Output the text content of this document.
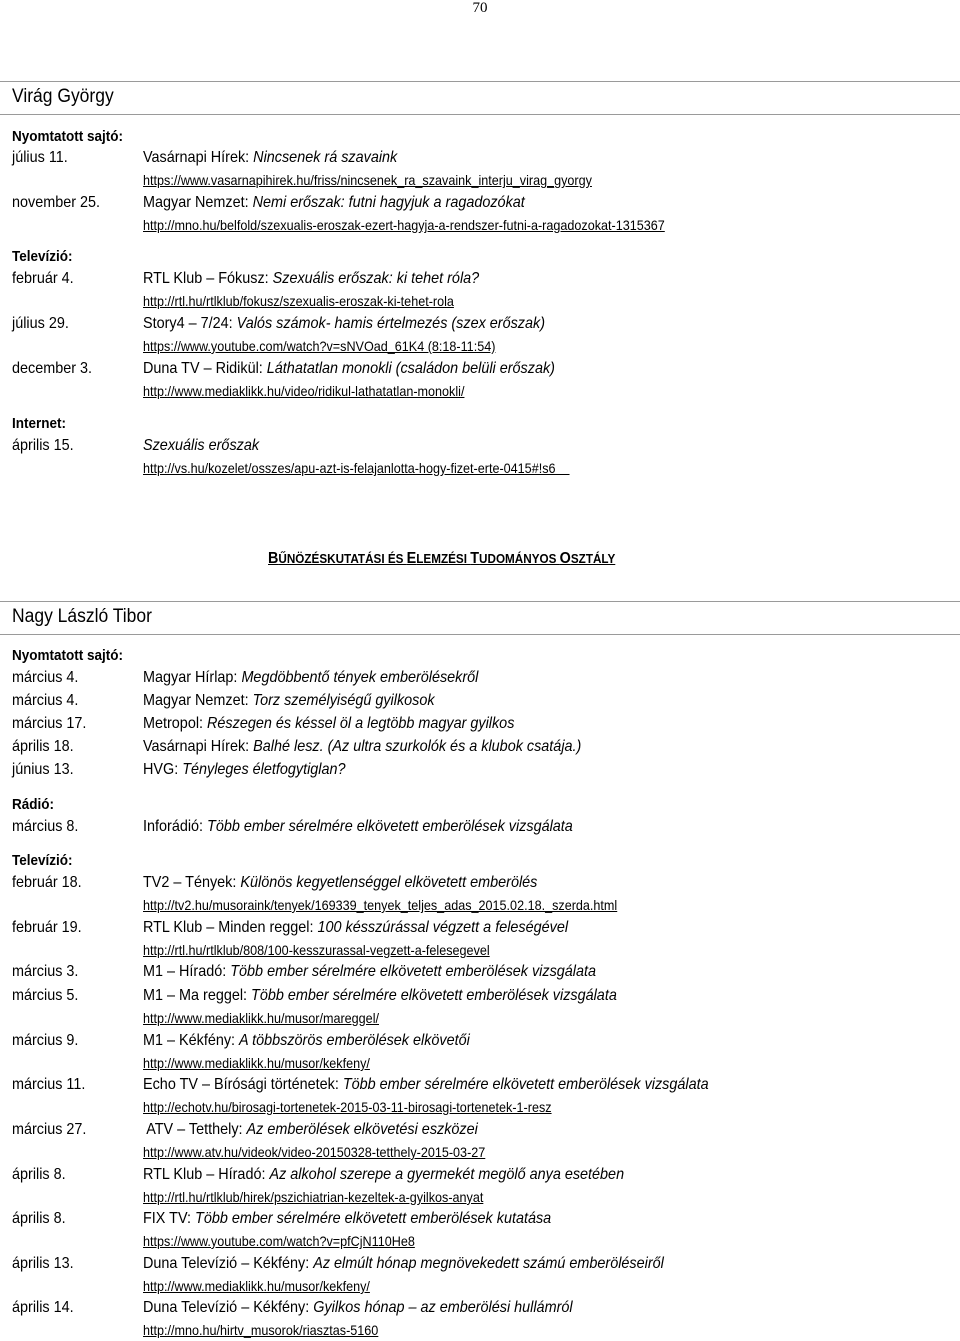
70
Virág György
Nyomtatott sajtó:
július 11.	Vasárnapi Hírek: Nincsenek rá szavaink
https://www.vasarnapihirek.hu/friss/nincsenek_ra_szavaink_interju_virag_gyorgy
november 25.	Magyar Nemzet: Nemi erőszak: futni hagyjuk a ragadozókat
http://mno.hu/belfold/szexualis-eroszak-ezert-hagyja-a-rendszer-futni-a-ragadozokat-1315367
Televízió:
február 4.	RTL Klub – Fókusz: Szexuális erőszak: ki tehet róla?
http://rtl.hu/rtlklub/fokusz/szexualis-eroszak-ki-tehet-rola
július 29.	Story4 – 7/24: Valós számok- hamis értelmezés (szex erőszak)
https://www.youtube.com/watch?v=sNVOad_61K4 (8:18-11:54)
december 3.	Duna TV – Ridikül: Láthatatlan monokli (családon belüli erőszak)
http://www.mediaklikk.hu/video/ridikul-lathatatlan-monokli/
Internet:
április 15.	Szexuális erőszak
http://vs.hu/kozelet/osszes/apu-azt-is-felajanlotta-hogy-fizet-erte-0415#!s6
BŰNÖZÉSKUTATÁSI ÉS ELEMZÉSI TUDOMÁNYOS OSZTÁLY
Nagy László Tibor
Nyomtatott sajtó:
március 4.	Magyar Hírlap: Megdöbbentő tények emberölésekről
március 4.	Magyar Nemzet: Torz személyiségű gyilkosok
március 17.	Metropol: Részegen és késsel öl a legtöbb magyar gyilkos
április 18.	Vasárnapi Hírek: Balhé lesz. (Az ultra szurkolók és a klubok csatája.)
június 13.	HVG: Tényleges életfogytiglan?
Rádió:
március 8.	Inforádió: Több ember sérelmére elkövetett emberölések vizsgálata
Televízió:
február 18.	TV2 – Tények: Különös kegyetlenséggel elkövetett emberölés
http://tv2.hu/musoraink/tenyek/169339_tenyek_teljes_adas_2015.02.18._szerda.html
február 19.	RTL Klub – Minden reggel: 100 késszúrással végzett a feleségével
http://rtl.hu/rtlklub/808/100-kesszurassal-vegzett-a-felesegevel
március 3.	M1 – Híradó: Több ember sérelmére elkövetett emberölések vizsgálata
március 5.	M1 – Ma reggel: Több ember sérelmére elkövetett emberölések vizsgálata
http://www.mediaklikk.hu/musor/mareggel/
március 9.	M1 – Kékfény: A többszörös emberölések elkövetői
http://www.mediaklikk.hu/musor/kekfeny/
március 11.	Echo TV – Bírósági történetek: Több ember sérelmére elkövetett emberölések vizsgálata
http://echotv.hu/birosagi-tortenetek-2015-03-11-birosagi-tortenetek-1-resz
március 27.	ATV – Tetthely: Az emberölések elkövetési eszközei
http://www.atv.hu/videok/video-20150328-tetthely-2015-03-27
április 8.	RTL Klub – Híradó: Az alkohol szerepe a gyermekét megölő anya esetében
http://rtl.hu/rtlklub/hirek/pszichiatrian-kezeltek-a-gyilkos-anyat
április 8.	FIX TV: Több ember sérelmére elkövetett emberölések kutatása
https://www.youtube.com/watch?v=pfCjN110He8
április 13.	Duna Televízió – Kékfény: Az elmúlt hónap megnövekedett számú emberöléseiről
http://www.mediaklikk.hu/musor/kekfeny/
április 14.	Duna Televízió – Kékfény: Gyilkos hónap – az emberölési hullámról
http://mno.hu/hirtv_musorok/riasztas-5160
